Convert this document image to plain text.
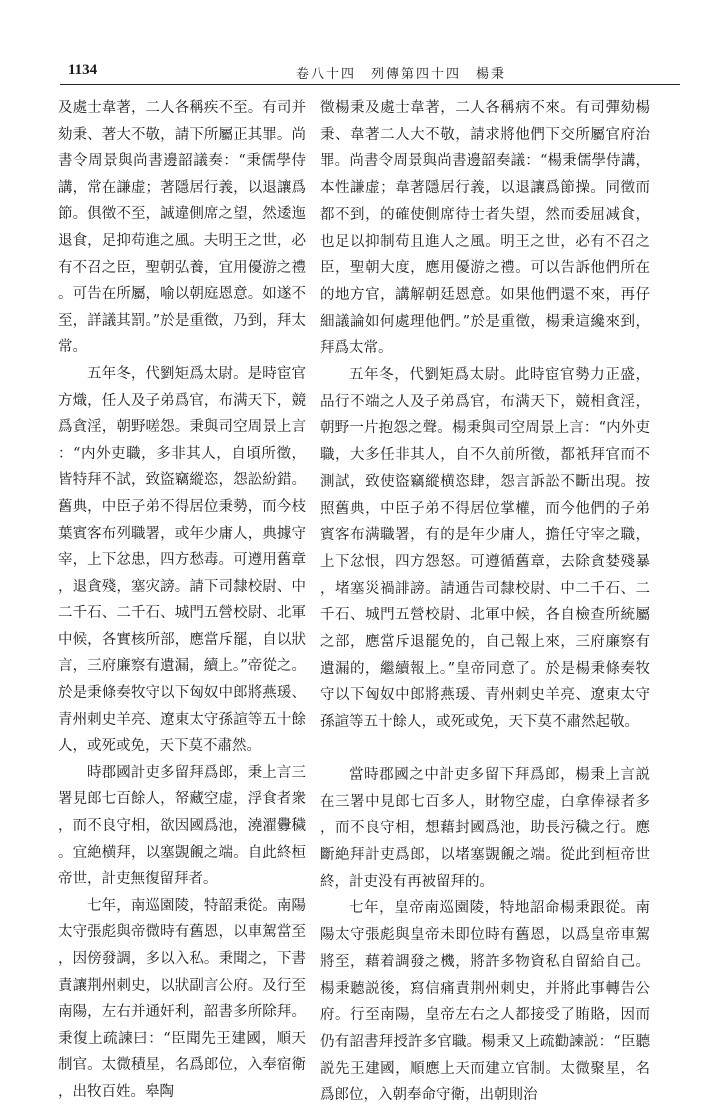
1134	卷八十四　列傳第四十四　楊秉

及處士韋著，二人各稱疾不至。有司并劾秉、著大不敬，請下所屬正其罪。尚書令周景與尚書邊韶議奏：“秉儒學侍講，常在謙虚；著隱居行義，以退讓爲節。俱徵不至，誠違側席之望，然逶迤退食，足抑苟進之風。夫明王之世，必有不召之臣，聖朝弘養，宜用優游之禮。可告在所屬，喻以朝庭恩意。如遂不至，詳議其罰。”於是重徵，乃到，拜太常。

五年冬，代劉矩爲太尉。是時宦官方熾，任人及子弟爲官，布满天下，競爲貪淫，朝野嗟怨。秉與司空周景上言：“内外吏職，多非其人，自頃所徵，皆特拜不試，致盜竊縱恣，怨訟紛錯。舊典，中臣子弟不得居位秉勢，而今枝葉賓客布列職署，或年少庸人，典據守宰，上下忿患，四方愁毒。可遵用舊章，退貪殘，塞灾謗。請下司隸校尉、中二千石、二千石、城門五營校尉、北軍中候，各實核所部，應當斥罷，自以狀言，三府廉察有遺漏，續上。”帝從之。於是秉條奏牧守以下匈奴中郎將燕瑗、青州刺史羊亮、遼東太守孫諠等五十餘人，或死或免，天下莫不肅然。

時郡國計吏多留拜爲郎，秉上言三署見郎七百餘人，帑藏空虚，浮食者衆，而不良守相，欲因國爲池，澆濯釁穢。宜絶横拜，以塞覬覦之端。自此終桓帝世，計吏無復留拜者。

七年，南巡園陵，特韶秉從。南陽太守張彪與帝微時有舊恩，以車駕當至，因傍發調，多以入私。秉聞之，下書責讓荆州刺史，以狀副言公府。及行至南陽，左右并通奸利，韶書多所除拜。秉復上疏諫曰：“臣聞先王建國，順天制官。太微積星，名爲郎位，入奉宿衛，出牧百姓。皋陶

徵楊秉及處士韋著，二人各稱病不來。有司彈劾楊秉、韋著二人大不敬，請求將他們下交所屬官府治罪。尚書令周景與尚書邊韶奏議：“楊秉儒學侍講，本性謙虚；韋著隱居行義，以退讓爲節操。同徵而都不到，的確使側席待士者失望，然而委屈减食，也足以抑制苟且進人之風。明王之世，必有不召之臣，聖朝大度，應用優游之禮。可以告訴他們所在的地方官，講解朝廷恩意。如果他們還不來，再仔細議論如何處理他們。”於是重徵，楊秉這纔來到，拜爲太常。

五年冬，代劉矩爲太尉。此時宦官勢力正盛，品行不端之人及子弟爲官，布满天下，競相貪淫，朝野一片抱怨之聲。楊秉與司空周景上言：“内外吏職，大多任非其人，自不久前所徵，都衹拜官而不測試，致使盜竊縱横恣肆，怨言訴訟不斷出現。按照舊典，中臣子弟不得居位掌權，而今他們的子弟賓客布满職署，有的是年少庸人，擔任守宰之職，上下忿恨，四方怨怒。可遵循舊章，去除貪婪殘暴，堵塞災禍誹謗。請通告司隸校尉、中二千石、二千石、城門五營校尉、北軍中候，各自檢查所統屬之部，應當斥退罷免的，自己報上來，三府廉察有遺漏的，繼續報上。”皇帝同意了。於是楊秉條奏牧守以下匈奴中郎將燕瑗、青州刺史羊亮、遼東太守孫諠等五十餘人，或死或免，天下莫不肅然起敬。

當時郡國之中計吏多留下拜爲郎，楊秉上言説在三署中見郎七百多人，財物空虚，白拿俸禄者多，而不良守相，想藉封國爲池，助長污穢之行。應斷絶拜計吏爲郎，以堵塞覬覦之端。從此到桓帝世終，計吏没有再被留拜的。

七年，皇帝南巡園陵，特地詔命楊秉跟從。南陽太守張彪與皇帝未即位時有舊恩，以爲皇帝車駕將至，藉着調發之機，將許多物資私自留給自己。楊秉聽説後，寫信痛責荆州刺史，并將此事轉告公府。行至南陽，皇帝左右之人都接受了賄賂，因而仍有詔書拜授許多官職。楊秉又上疏勸諫説：“臣聽説先王建國，順應上天而建立官制。太微聚星，名爲郎位，入朝奉命守衛，出朝則治
